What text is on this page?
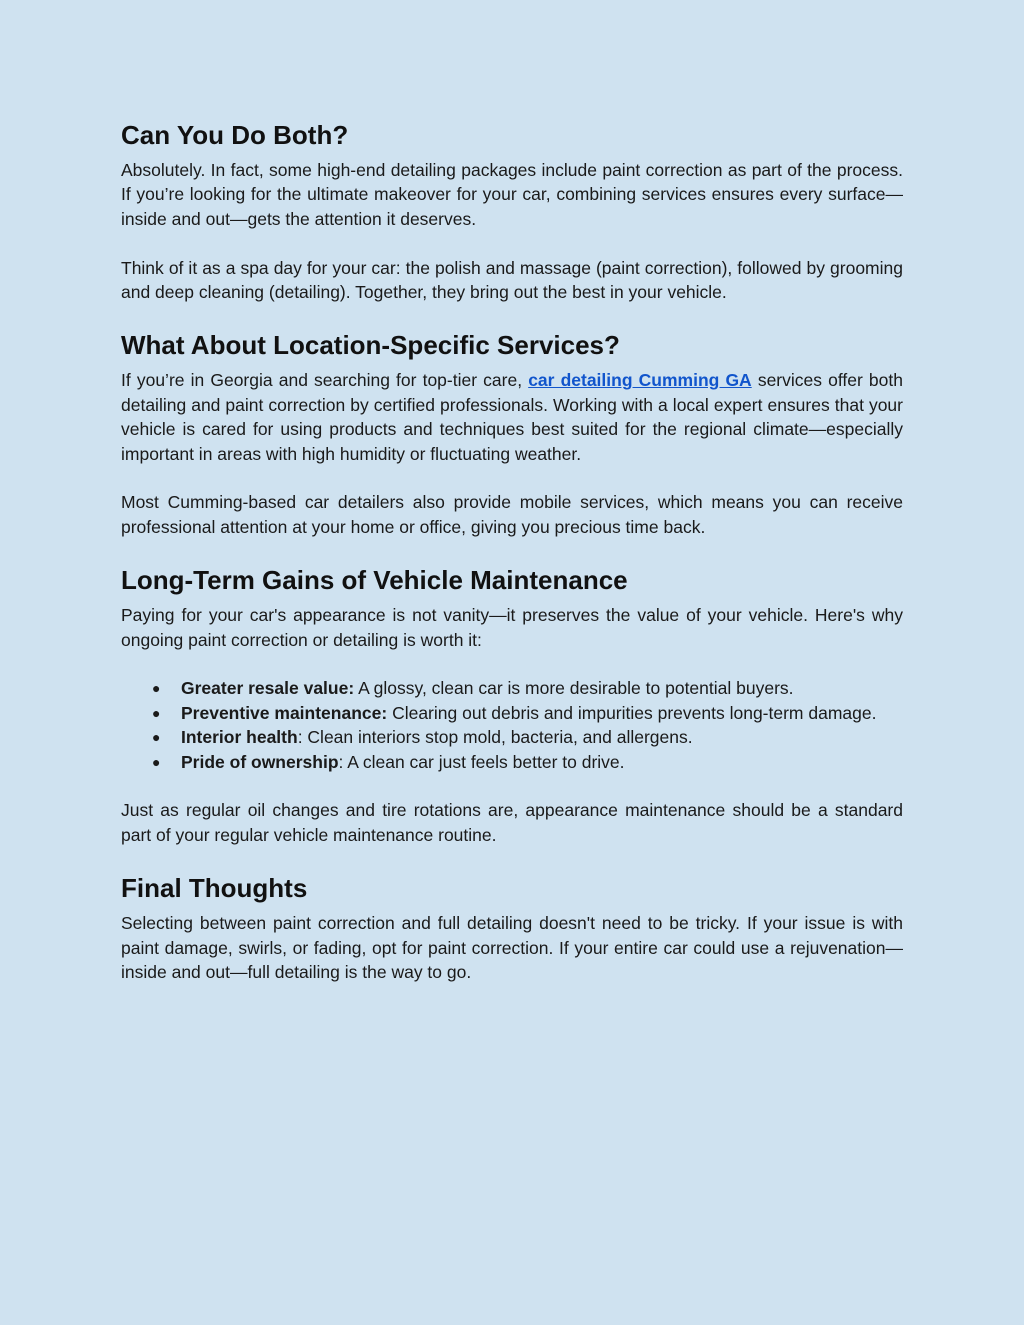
Can You Do Both?

Absolutely. In fact, some high-end detailing packages include paint correction as part of the process. If you’re looking for the ultimate makeover for your car, combining services ensures every surface—inside and out—gets the attention it deserves.

Think of it as a spa day for your car: the polish and massage (paint correction), followed by grooming and deep cleaning (detailing). Together, they bring out the best in your vehicle.

What About Location-Specific Services?

If you’re in Georgia and searching for top-tier care, car detailing Cumming GA services offer both detailing and paint correction by certified professionals. Working with a local expert ensures that your vehicle is cared for using products and techniques best suited for the regional climate—especially important in areas with high humidity or fluctuating weather.

Most Cumming-based car detailers also provide mobile services, which means you can receive professional attention at your home or office, giving you precious time back.

Long-Term Gains of Vehicle Maintenance

Paying for your car's appearance is not vanity—it preserves the value of your vehicle. Here's why ongoing paint correction or detailing is worth it:

● Greater resale value: A glossy, clean car is more desirable to potential buyers.
● Preventive maintenance: Clearing out debris and impurities prevents long-term damage.
● Interior health: Clean interiors stop mold, bacteria, and allergens.
● Pride of ownership: A clean car just feels better to drive.

Just as regular oil changes and tire rotations are, appearance maintenance should be a standard part of your regular vehicle maintenance routine.

Final Thoughts

Selecting between paint correction and full detailing doesn't need to be tricky. If your issue is with paint damage, swirls, or fading, opt for paint correction. If your entire car could use a rejuvenation—inside and out—full detailing is the way to go.
